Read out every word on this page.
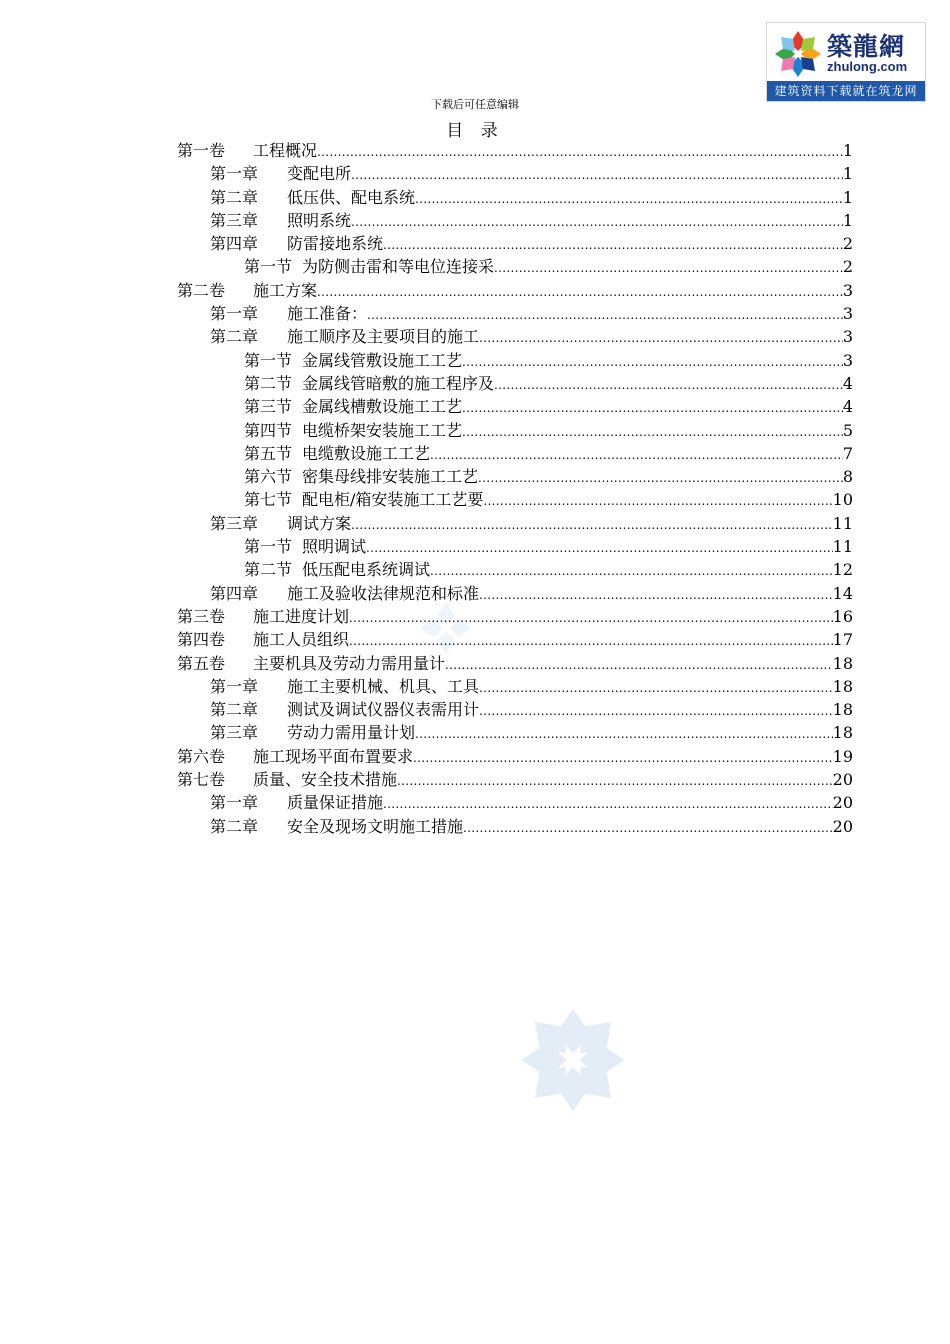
築龍網
zhulong.com
建筑资料下载就在筑龙网
下载后可任意编辑
目 录
第一卷 工程概况 .....	1
第一章 变配电所 .....	1
第二章 低压供、配电系统 .....	1
第三章 照明系统 .....	1
第四章 防雷接地系统 .....	2
第一节 为防侧击雷和等电位连接采 .....	2
第二卷 施工方案 .....	3
第一章 施工准备： .....	3
第二章 施工顺序及主要项目的施工 .....	3
第一节 金属线管敷设施工工艺 .....	3
第二节 金属线管暗敷的施工程序及 .....	4
第三节 金属线槽敷设施工工艺 .....	4
第四节 电缆桥架安装施工工艺 .....	5
第五节 电缆敷设施工工艺 .....	7
第六节 密集母线排安装施工工艺 .....	8
第七节 配电柜/箱安装施工工艺要 .....	10
第三章 调试方案 .....	11
第一节 照明调试 .....	11
第二节 低压配电系统调试 .....	12
第四章 施工及验收法律规范和标准 .....	14
第三卷 施工进度计划 .....	16
第四卷 施工人员组织 .....	17
第五卷 主要机具及劳动力需用量计 .....	18
第一章 施工主要机械、机具、工具 .....	18
第二章 测试及调试仪器仪表需用计 .....	18
第三章 劳动力需用量计划 .....	18
第六卷 施工现场平面布置要求 .....	19
第七卷 质量、安全技术措施 .....	20
第一章 质量保证措施 .....	20
第二章 安全及现场文明施工措施 .....	20
